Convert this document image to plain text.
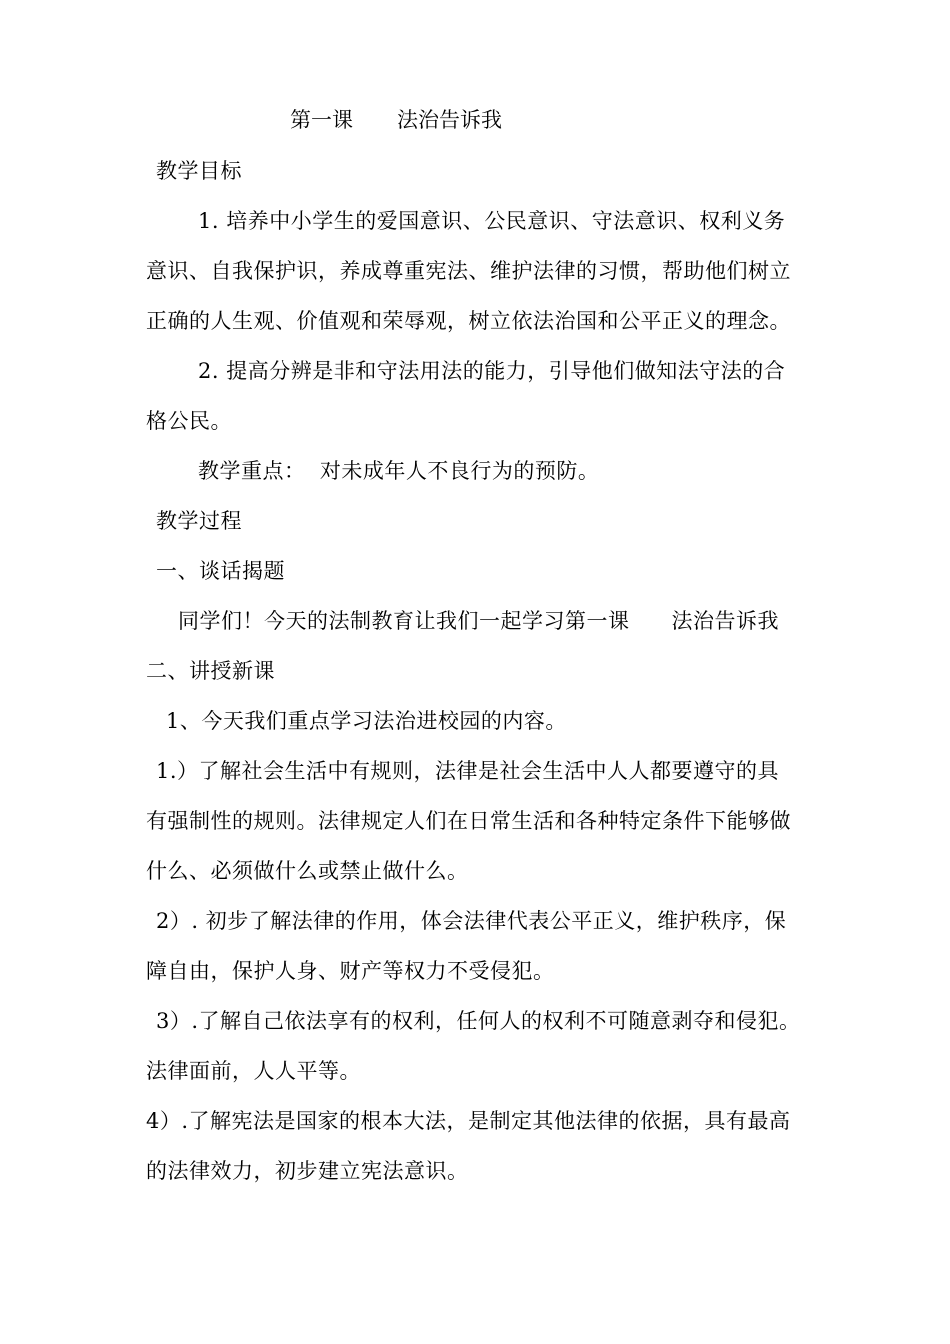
第一课 法治告诉我
教学目标
1. 培养中小学生的爱国意识、公民意识、守法意识、权利义务
意识、自我保护识，养成尊重宪法、维护法律的习惯，帮助他们树立
正确的人生观、价值观和荣辱观，树立依法治国和公平正义的理念。
2. 提高分辨是非和守法用法的能力，引导他们做知法守法的合
格公民。
教学重点：  对未成年人不良行为的预防。
教学过程
一、谈话揭题
同学们！今天的法制教育让我们一起学习第一课 法治告诉我
二、讲授新课
1、今天我们重点学习法治进校园的内容。
1.）了解社会生活中有规则，法律是社会生活中人人都要遵守的具
有强制性的规则。法律规定人们在日常生活和各种特定条件下能够做
什么、必须做什么或禁止做什么。
2）. 初步了解法律的作用，体会法律代表公平正义，维护秩序，保
障自由，保护人身、财产等权力不受侵犯。
3）.了解自己依法享有的权利，任何人的权利不可随意剥夺和侵犯。
法律面前，人人平等。
4）.了解宪法是国家的根本大法，是制定其他法律的依据，具有最高
的法律效力，初步建立宪法意识。
